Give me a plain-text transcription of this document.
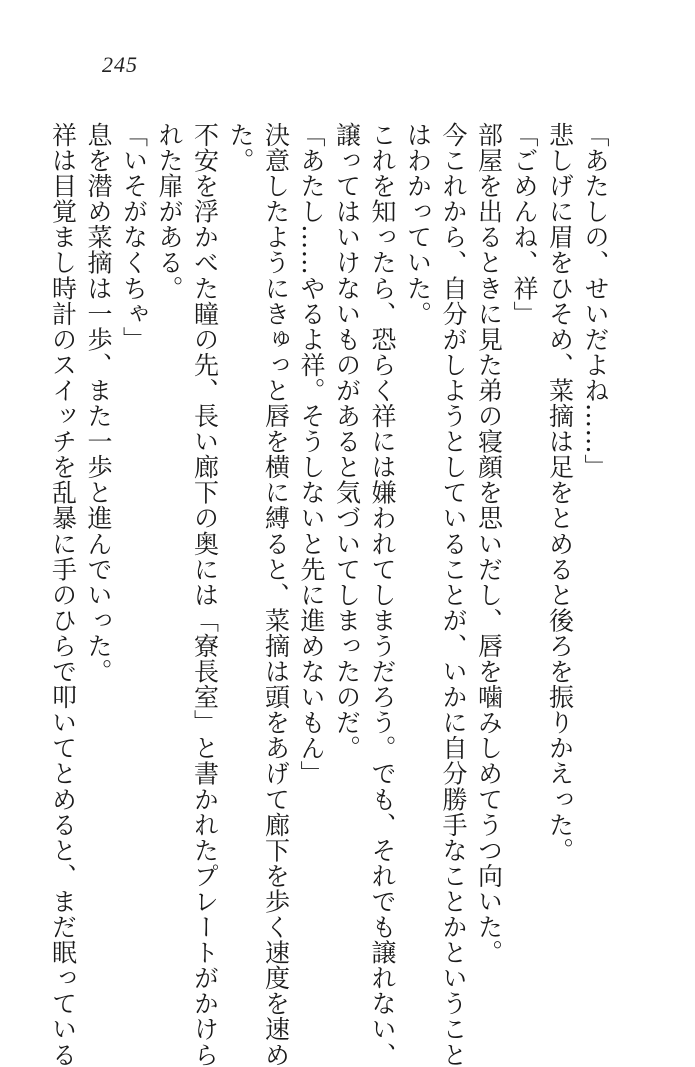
245
「あたしの、せいだよね……」
悲しげに眉をひそめ、菜摘は足をとめると後ろを振りかえった。
「ごめんね、祥」
部屋を出るときに見た弟の寝顔を思いだし、唇を噛みしめてうつ向いた。
今これから、自分がしようとしていることが、いかに自分勝手なことかということ
はわかっていた。
これを知ったら、恐らく祥には嫌われてしまうだろう。でも、それでも譲れない、
譲ってはいけないものがあると気づいてしまったのだ。
「あたし……やるよ祥。そうしないと先に進めないもん」
決意したようにきゅっと唇を横に縛ると、菜摘は頭をあげて廊下を歩く速度を速め
た。
不安を浮かべた瞳の先、長い廊下の奥には「寮長室」と書かれたプレートがかけら
れた扉がある。
「いそがなくちゃ」
息を潜め菜摘は一歩、また一歩と進んでいった。
祥は目覚まし時計のスイッチを乱暴に手のひらで叩いてとめると、まだ眠っている
